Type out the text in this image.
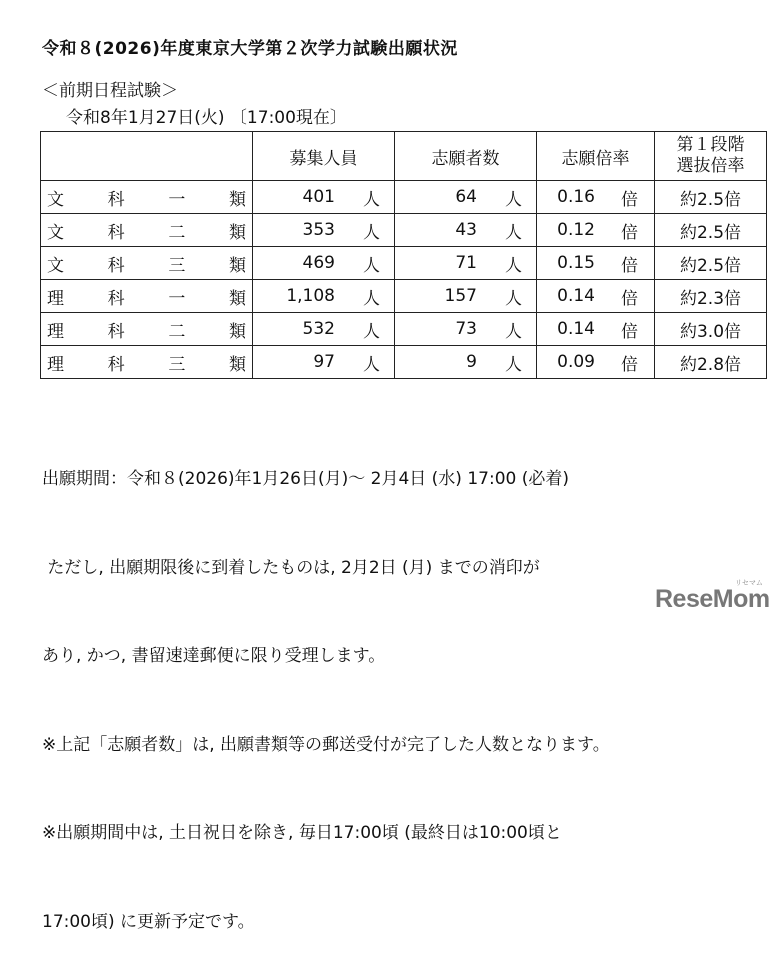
令和８(2026)年度東京大学第２次学力試験出願状況
＜前期日程試験＞
令和8年1月27日(火) 〔17:00現在〕
	募集人員	志願者数	志願倍率	第１段階
選抜倍率

文 科 一 類	401 人	64 人	0.16 倍	約2.5倍

文 科 二 類	353 人	43 人	0.12 倍	約2.5倍

文 科 三 類	469 人	71 人	0.15 倍	約2.5倍

理 科 一 類	1,108 人	157 人	0.14 倍	約2.3倍

理 科 二 類	532 人	73 人	0.14 倍	約3.0倍

理 科 三 類	97 人	9 人	0.09 倍	約2.8倍

出願期間：令和８(2026)年1月26日(月)～ 2月4日 (水) 17:00 (必着)

ただし, 出願期限後に到着したものは, 2月2日 (月) までの消印が

あり, かつ, 書留速達郵便に限り受理します。

※上記「志願者数」は, 出願書類等の郵送受付が完了した人数となります。

※出願期間中は, 土日祝日を除き, 毎日17:00頃 (最終日は10:00頃と

17:00頃) に更新予定です。

リセマム
ReseMom
